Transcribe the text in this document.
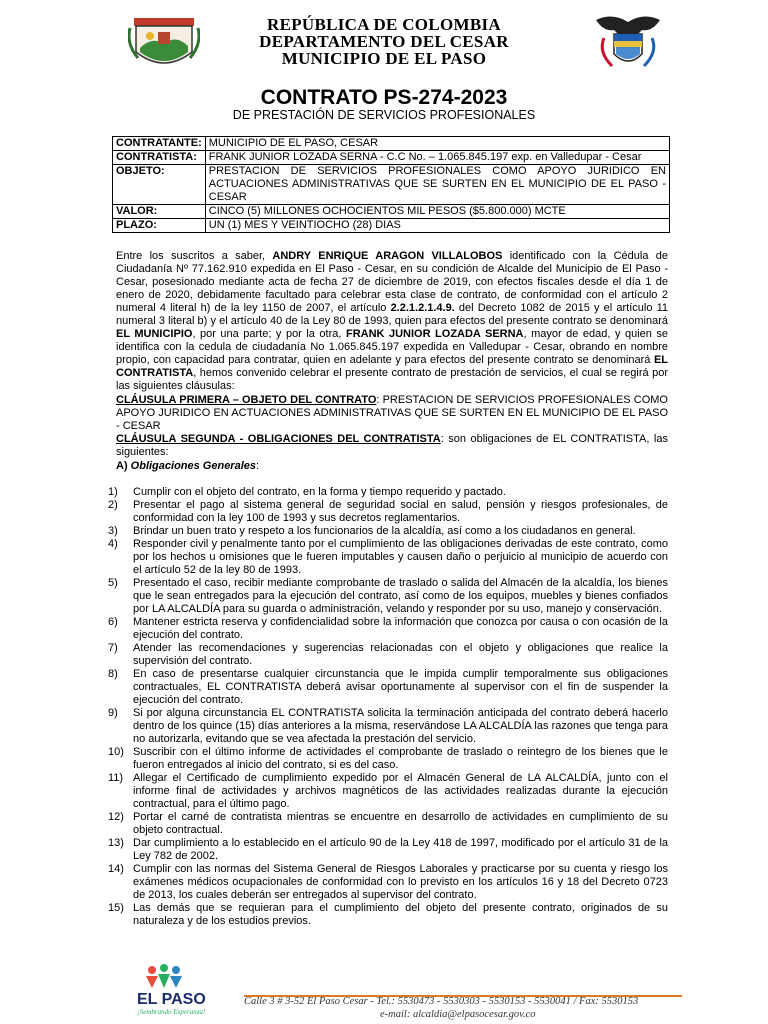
REPÚBLICA DE COLOMBIA
DEPARTAMENTO DEL CESAR
MUNICIPIO DE EL PASO
CONTRATO PS-274-2023
DE PRESTACIÓN DE SERVICIOS PROFESIONALES
CONTRATANTE:	MUNICIPIO DE EL PASO, CESAR
CONTRATISTA:	FRANK JUNIOR LOZADA SERNA - C.C No. – 1.065.845.197 exp. en Valledupar - Cesar
OBJETO:	PRESTACION DE SERVICIOS PROFESIONALES COMO APOYO JURIDICO EN ACTUACIONES ADMINISTRATIVAS QUE SE SURTEN EN EL MUNICIPIO DE EL PASO - CESAR
VALOR:	CINCO (5) MILLONES OCHOCIENTOS MIL PESOS ($5.800.000) MCTE
PLAZO:	UN (1) MES Y VEINTIOCHO (28) DIAS
Entre los suscritos a saber, ANDRY ENRIQUE ARAGON VILLALOBOS identificado con la Cédula de Ciudadanía Nº 77.162.910 expedida en El Paso - Cesar, en su condición de Alcalde del Municipio de El Paso - Cesar, posesionado mediante acta de fecha 27 de diciembre de 2019, con efectos fiscales desde el día 1 de enero de 2020, debidamente facultado para celebrar esta clase de contrato, de conformidad con el artículo 2 numeral 4 literal h) de la ley 1150 de 2007, el artículo 2.2.1.2.1.4.9. del Decreto 1082 de 2015 y el artículo 11 numeral 3 literal b) y el artículo 40 de la Ley 80 de 1993, quien para efectos del presente contrato se denominará EL MUNICIPIO, por una parte; y por la otra, FRANK JUNIOR LOZADA SERNA, mayor de edad, y quien se identifica con la cedula de ciudadanía No 1.065.845.197 expedida en Valledupar - Cesar, obrando en nombre propio, con capacidad para contratar, quien en adelante y para efectos del presente contrato se denominará EL CONTRATISTA, hemos convenido celebrar el presente contrato de prestación de servicios, el cual se regirá por las siguientes cláusulas:
CLÁUSULA PRIMERA – OBJETO DEL CONTRATO: PRESTACION DE SERVICIOS PROFESIONALES COMO APOYO JURIDICO EN ACTUACIONES ADMINISTRATIVAS QUE SE SURTEN EN EL MUNICIPIO DE EL PASO - CESAR
CLÁUSULA SEGUNDA - OBLIGACIONES DEL CONTRATISTA: son obligaciones de EL CONTRATISTA, las siguientes:
A) Obligaciones Generales:
1) Cumplir con el objeto del contrato, en la forma y tiempo requerido y pactado.
2) Presentar el pago al sistema general de seguridad social en salud, pensión y riesgos profesionales, de conformidad con la ley 100 de 1993 y sus decretos reglamentarios.
3) Brindar un buen trato y respeto a los funcionarios de la alcaldía, así como a los ciudadanos en general.
4) Responder civil y penalmente tanto por el cumplimiento de las obligaciones derivadas de este contrato, como por los hechos u omisiones que le fueren imputables y causen daño o perjuicio al municipio de acuerdo con el artículo 52 de la ley 80 de 1993.
5) Presentado el caso, recibir mediante comprobante de traslado o salida del Almacén de la alcaldía, los bienes que le sean entregados para la ejecución del contrato, así como de los equipos, muebles y bienes confiados por LA ALCALDÍA para su guarda o administración, velando y responder por su uso, manejo y conservación.
6) Mantener estricta reserva y confidencialidad sobre la información que conozca por causa o con ocasión de la ejecución del contrato.
7) Atender las recomendaciones y sugerencias relacionadas con el objeto y obligaciones que realice la supervisión del contrato.
8) En caso de presentarse cualquier circunstancia que le impida cumplir temporalmente sus obligaciones contractuales, EL CONTRATISTA deberá avisar oportunamente al supervisor con el fin de suspender la ejecución del contrato.
9) Si por alguna circunstancia EL CONTRATISTA solicita la terminación anticipada del contrato deberá hacerlo dentro de los quince (15) días anteriores a la misma, reservándose LA ALCALDÍA las razones que tenga para no autorizarla, evitando que se vea afectada la prestación del servicio.
10) Suscribir con el último informe de actividades el comprobante de traslado o reintegro de los bienes que le fueron entregados al inicio del contrato, si es del caso.
11) Allegar el Certificado de cumplimiento expedido por el Almacén General de LA ALCALDÍA, junto con el informe final de actividades y archivos magnéticos de las actividades realizadas durante la ejecución contractual, para el último pago.
12) Portar el carné de contratista mientras se encuentre en desarrollo de actividades en cumplimiento de su objeto contractual.
13) Dar cumplimiento a lo establecido en el artículo 90 de la Ley 418 de 1997, modificado por el artículo 31 de la Ley 782 de 2002.
14) Cumplir con las normas del Sistema General de Riesgos Laborales y practicarse por su cuenta y riesgo los exámenes médicos ocupacionales de conformidad con lo previsto en los artículos 16 y 18 del Decreto 0723 de 2013, los cuales deberán ser entregados al supervisor del contrato.
15) Las demás que se requieran para el cumplimiento del objeto del presente contrato, originados de su naturaleza y de los estudios previos.
EL PASO
¡Sembrando Esperanza!
Calle 3 # 3-52 El Paso Cesar - Tel.: 5530473 - 5530303 - 5530153 - 5530041 / Fax: 5530153
e-mail: alcaldia@elpasocesar.gov.co
